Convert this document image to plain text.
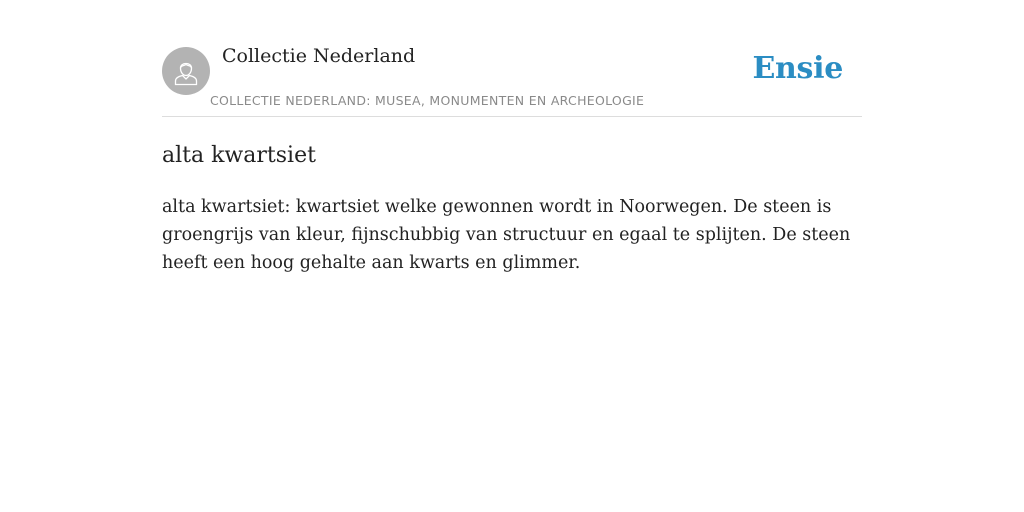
Collectie Nederland
COLLECTIE NEDERLAND: MUSEA, MONUMENTEN EN ARCHEOLOGIE
Ensie
alta kwartsiet

alta kwartsiet: kwartsiet welke gewonnen wordt in Noorwegen. De steen is groengrijs van kleur, fijnschubbig van structuur en egaal te splijten. De steen heeft een hoog gehalte aan kwarts en glimmer.
